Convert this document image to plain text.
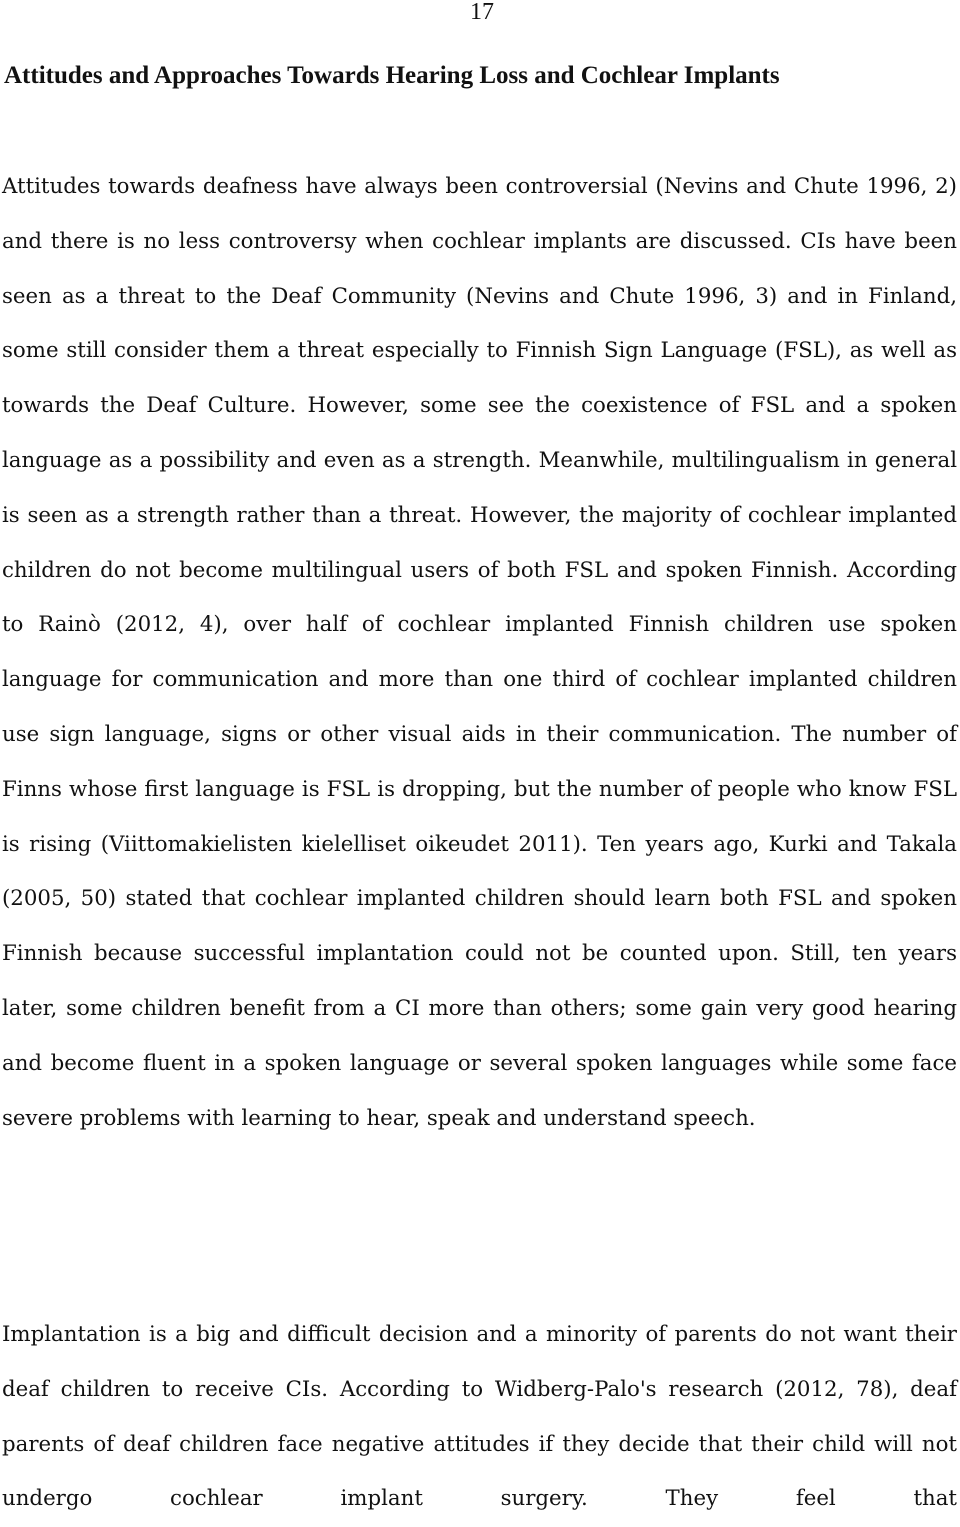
17
Attitudes and Approaches Towards Hearing Loss and Cochlear Implants

Attitudes towards deafness have always been controversial (Nevins and Chute 1996, 2) and there is no less controversy when cochlear implants are discussed. CIs have been seen as a threat to the Deaf Community (Nevins and Chute 1996, 3) and in Finland, some still consider them a threat especially to Finnish Sign Language (FSL), as well as towards the Deaf Culture. However, some see the coexistence of FSL and a spoken language as a possibility and even as a strength. Meanwhile, multilingualism in general is seen as a strength rather than a threat. However, the majority of cochlear implanted children do not become multilingual users of both FSL and spoken Finnish. According to Rainò (2012, 4), over half of cochlear implanted Finnish children use spoken language for communication and more than one third of cochlear implanted children use sign language, signs or other visual aids in their communication. The number of Finns whose first language is FSL is dropping, but the number of people who know FSL is rising (Viittomakielisten kielelliset oikeudet 2011). Ten years ago, Kurki and Takala (2005, 50) stated that cochlear implanted children should learn both FSL and spoken Finnish because successful implantation could not be counted upon. Still, ten years later, some children benefit from a CI more than others; some gain very good hearing and become fluent in a spoken language or several spoken languages while some face severe problems with learning to hear, speak and understand speech.

Implantation is a big and difficult decision and a minority of parents do not want their deaf children to receive CIs. According to Widberg-Palo's research (2012, 78), deaf parents of deaf children face negative attitudes if they decide that their child will not undergo cochlear implant surgery. They feel that
